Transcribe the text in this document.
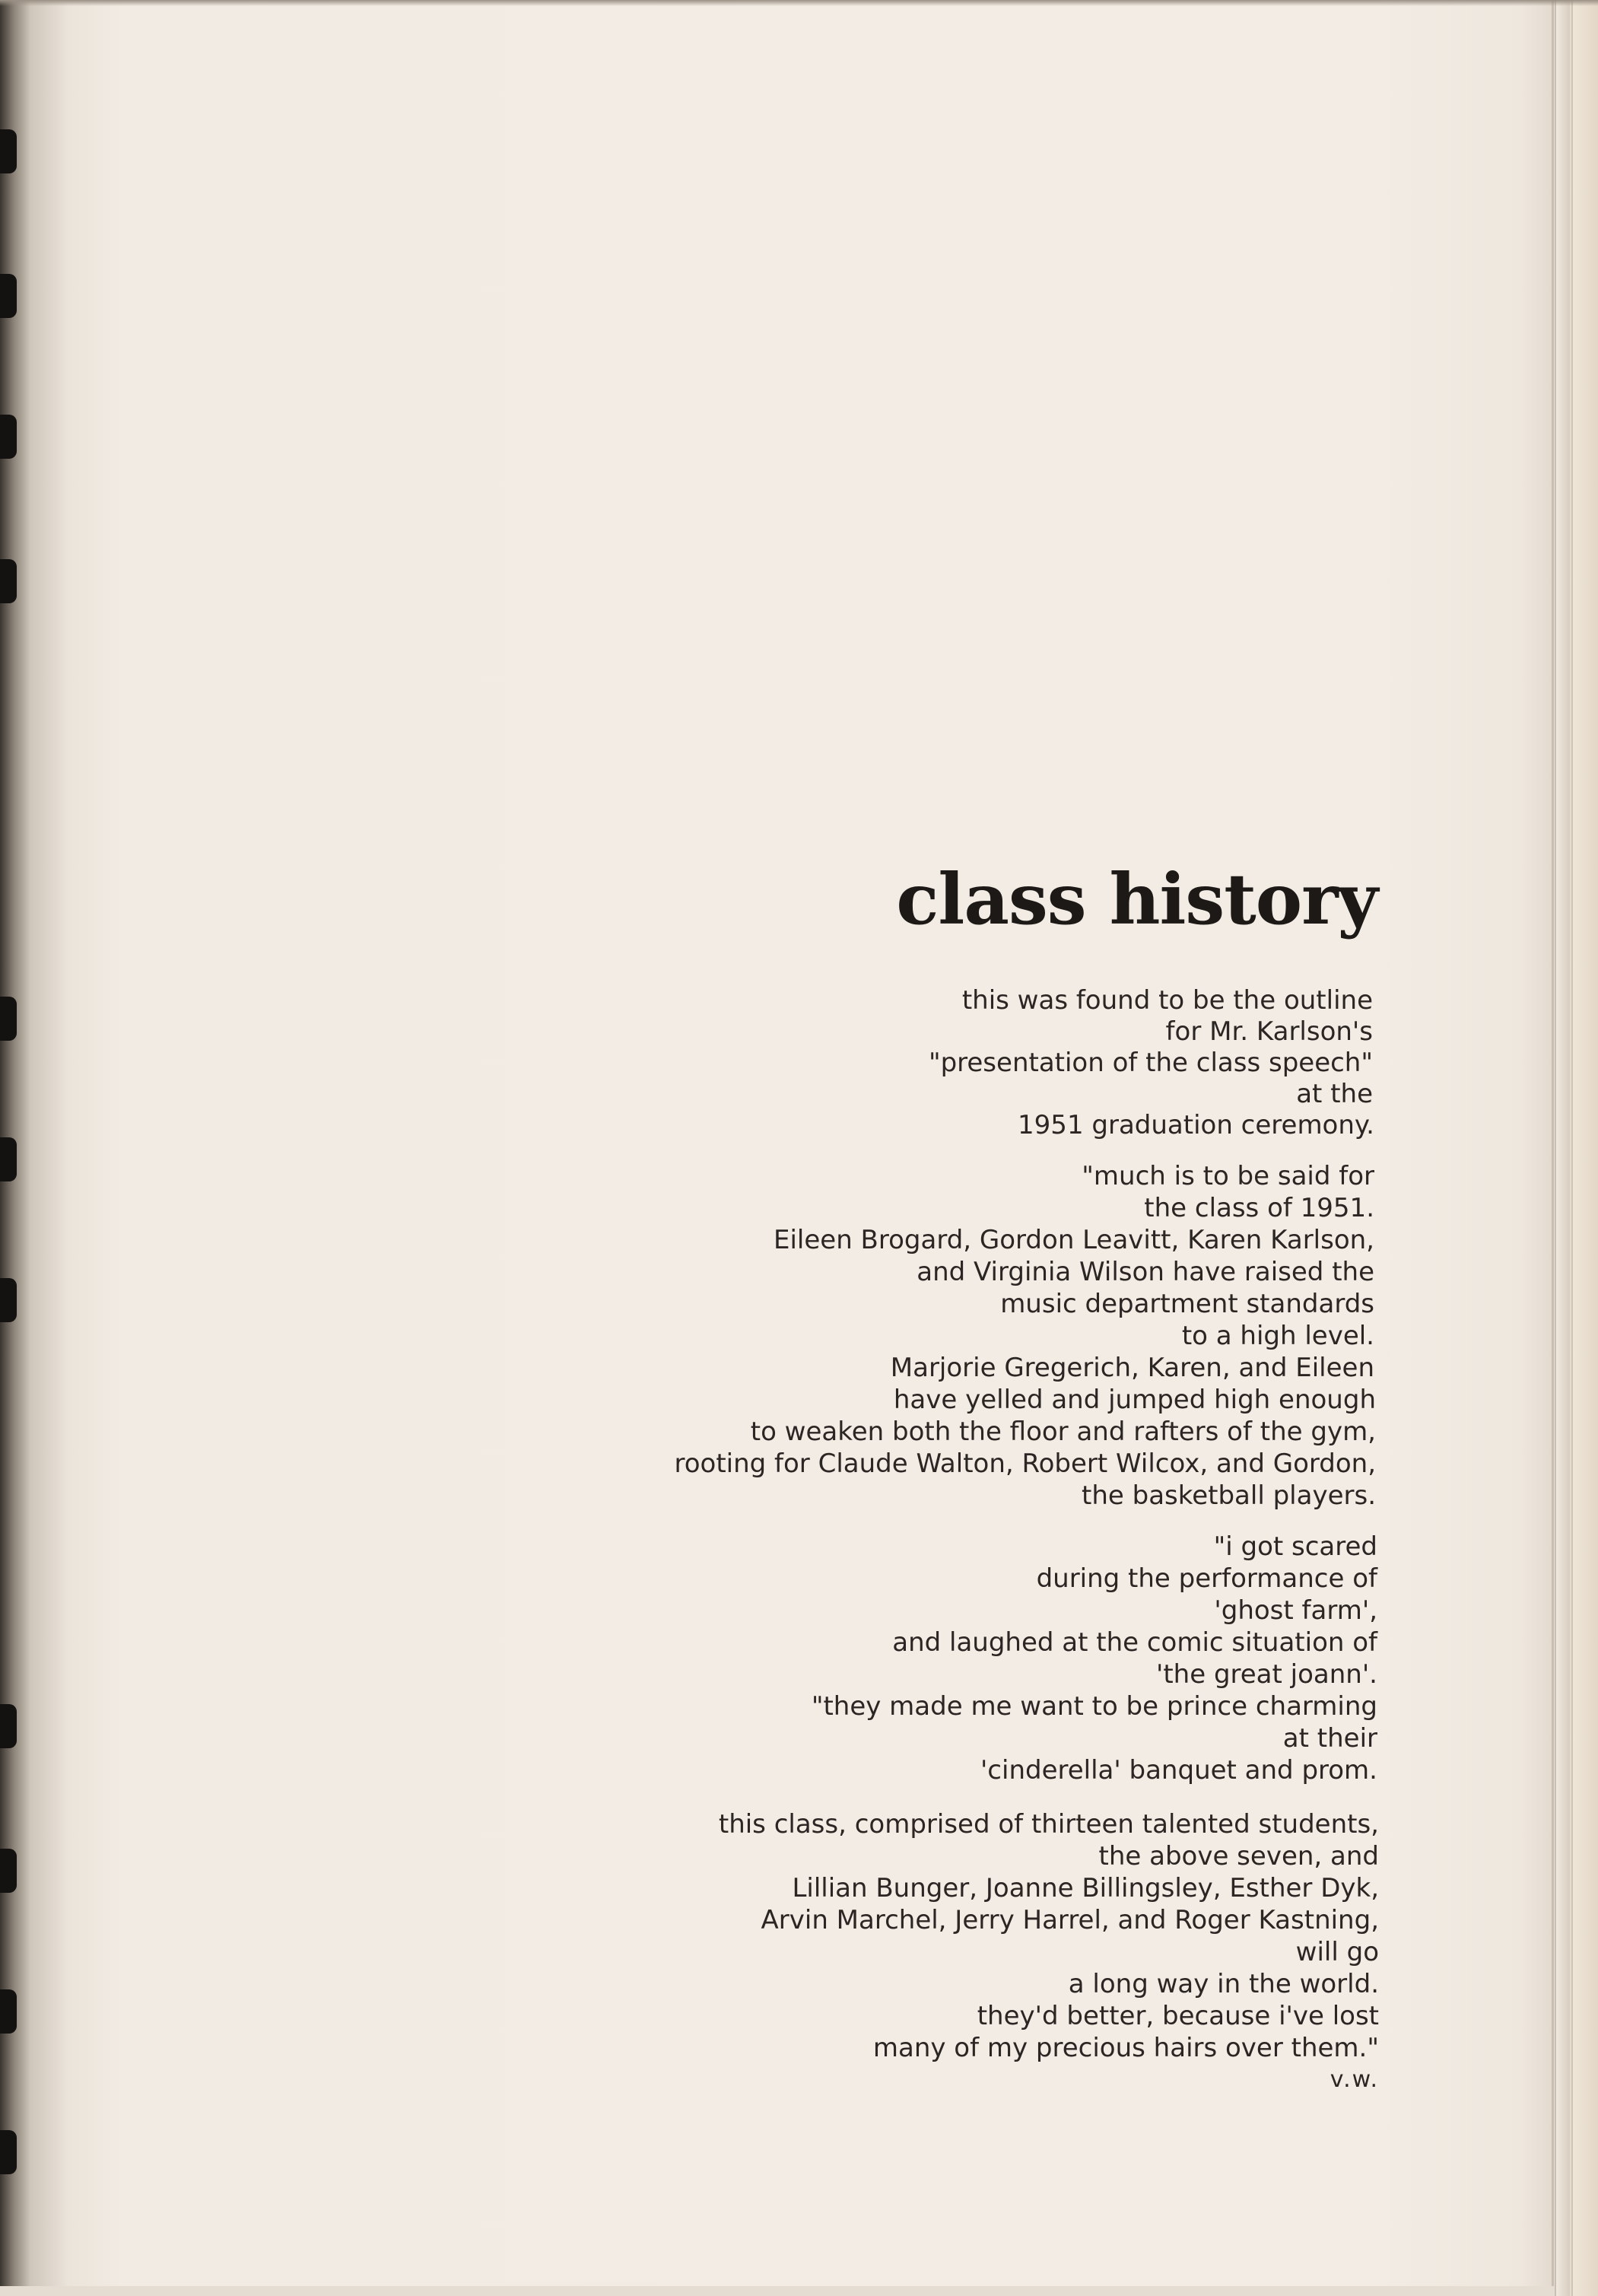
class history
this was found to be the outline
for Mr. Karlson's
"presentation of the class speech"
at the
1951 graduation ceremony.
"much is to be said for
the class of 1951.
Eileen Brogard, Gordon Leavitt, Karen Karlson,
and Virginia Wilson have raised the
music department standards
to a high level.
Marjorie Gregerich, Karen, and Eileen
have yelled and jumped high enough
to weaken both the floor and rafters of the gym,
rooting for Claude Walton, Robert Wilcox, and Gordon,
the basketball players.
"i got scared
during the performance of
'ghost farm',
and laughed at the comic situation of
'the great joann'.
"they made me want to be prince charming
at their
'cinderella' banquet and prom.
this class, comprised of thirteen talented students,
the above seven, and
Lillian Bunger, Joanne Billingsley, Esther Dyk,
Arvin Marchel, Jerry Harrel, and Roger Kastning,
will go
a long way in the world.
they'd better, because i've lost
many of my precious hairs over them."
v.w.
